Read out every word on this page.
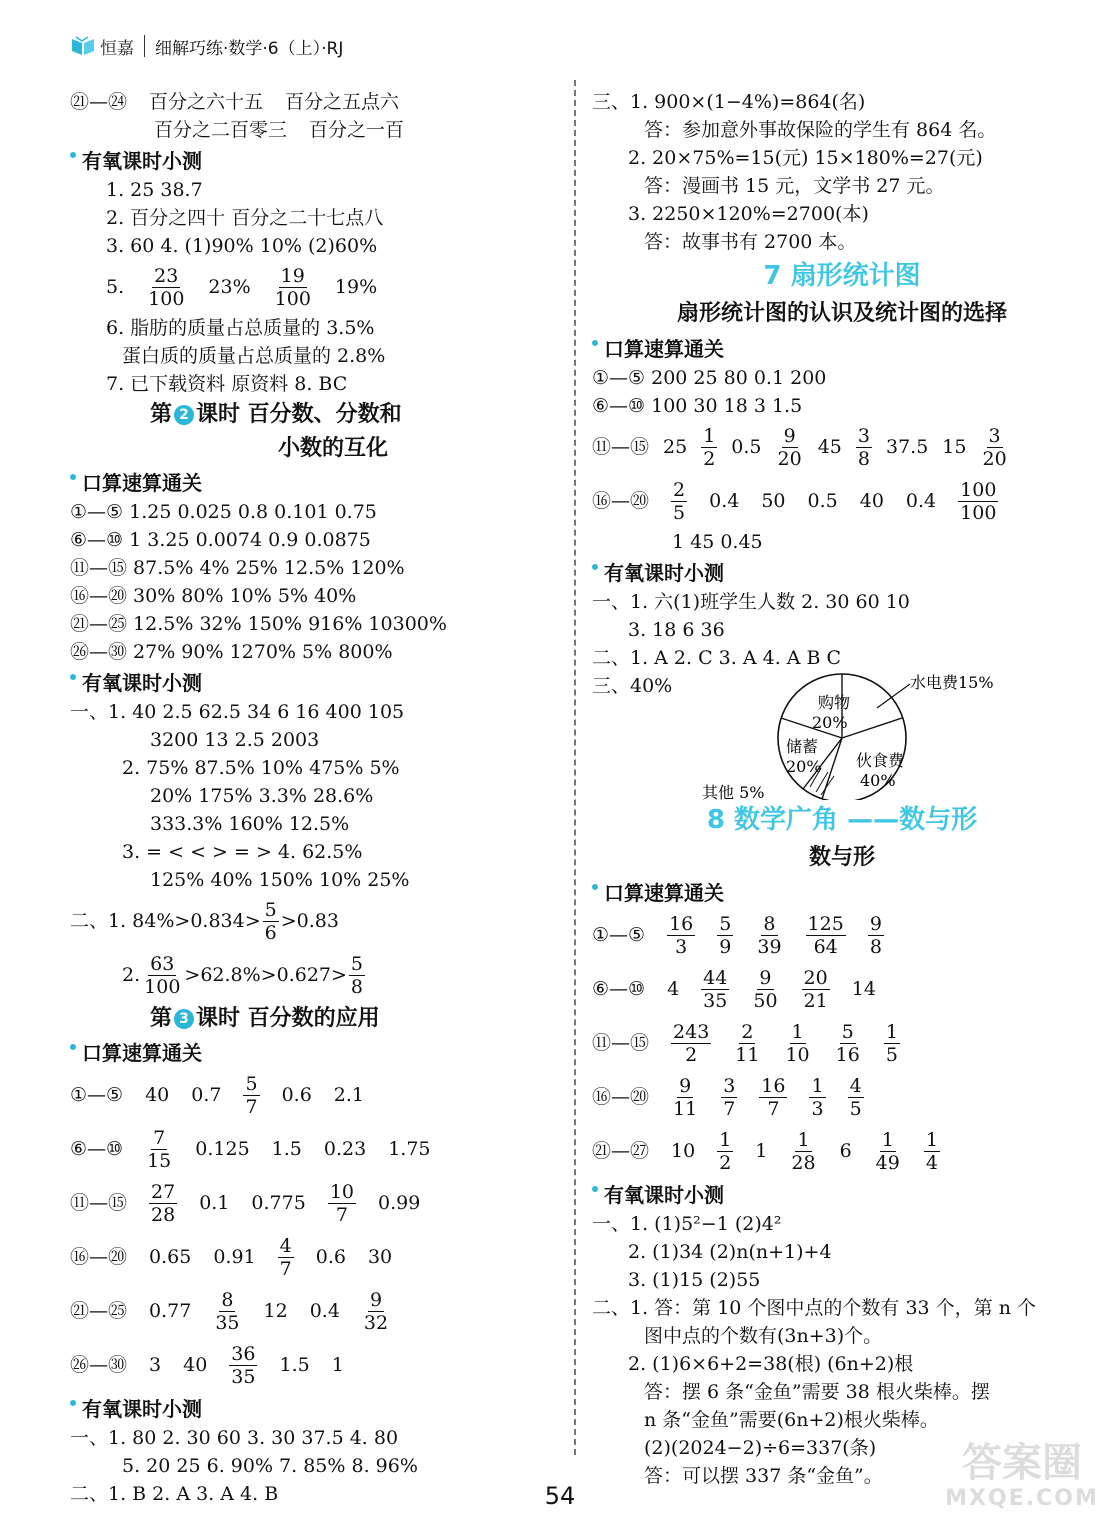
恒嘉 细解巧练·数学·6（上）·RJ
㉑—㉔ 百分之六十五 百分之五点六
百分之二百零三 百分之一百
有氧课时小测
1. 25 38.7
2. 百分之四十 百分之二十七点八
3. 60 4. (1)90% 10% (2)60%
5. $\frac{23}{100} 23\% \frac{19}{100} 19\%$
6. 脂肪的质量占总质量的 3.5%
蛋白质的质量占总质量的 2.8%
7. 已下载资料 原资料 8. BC
第 2 课时 百分数、分数和
小数的互化
口算速算通关
①—⑤ 1.25 0.025 0.8 0.101 0.75
⑥—⑩ 1 3.25 0.0074 0.9 0.0875
⑪—⑮ 87.5% 4% 25% 12.5% 120%
⑯—⑳ 30% 80% 10% 5% 40%
㉑—㉕ 12.5% 32% 150% 916% 10300%
㉖—㉚ 27% 90% 1270% 5% 800%
有氧课时小测
一、1. 40 2.5 62.5 34 6 16 400 105
3200 13 2.5 2003
2. 75% 87.5% 10% 475% 5%
20% 175% 3.3% 28.6%
333.3% 160% 12.5%
3. = < < > = > 4. 62.5%
125% 40% 150% 10% 25%
二、1. $84\%>0.834> \frac{5}{6} >0.83$
2. $\frac{63}{100} >62.8\%>0.627> \frac{5}{8}$
第 3 课时 百分数的应用
口算速算通关
①—⑤ 40 $0.7 \frac{5}{7} 0.6$ 2.1
⑥—⑩ $\frac{7}{15} 0.125$ 1.5 0.23 1.75
⑪—⑮ $\frac{27}{28} 0.1$ $0.775 \frac{10}{7} 0.99$
⑯—⑳ 0.65 $0.91 \frac{4}{7} 0.6$ 30
㉑—㉕ $0.77 \frac{8}{35} 12$ $0.4 \frac{9}{32}$
㉖—㉚ 3 $40 \frac{36}{35} 1.5$ 1
有氧课时小测
一、1. 80 2. 30 60 3. 30 37.5 4. 80
5. 20 25 6. 90% 7. 85% 8. 96%
二、1. B 2. A 3. A 4. B
三、1. 900×(1−4%)=864(名)
答：参加意外事故保险的学生有 864 名。
2. 20×75%=15(元) 15×180%=27(元)
答：漫画书 15 元，文学书 27 元。
3. 2250×120%=2700(本)
答：故事书有 2700 本。
7 扇形统计图
扇形统计图的认识及统计图的选择
口算速算通关
①—⑤ 200 25 80 0.1 200
⑥—⑩ 100 30 18 3 1.5
⑪—⑮ $25 \frac{1}{2} 0.5 \frac{9}{20} 45 \frac{3}{8} 37.5$ $15 \frac{3}{20}$
⑯—⑳ $\frac{2}{5} 0.4$ 50 0.5 40 $0.4 \frac{100}{100}$
1 45 0.45
有氧课时小测
一、1. 六(1)班学生人数 2. 30 60 10
3. 18 6 36
二、1. A 2. C 3. A 4. A B C
三、40%
购物
20%
水电费15%
储蓄
20% 伙食费
40%
其他 5%
8 数学广角 ——数与形
数与形
口算速算通关
①—⑤ $\frac{16}{3} \frac{5}{9} \frac{8}{39} \frac{125}{64} \frac{9}{8}$
⑥—⑩ $4 \frac{44}{35} \frac{9}{50} \frac{20}{21} 14$
⑪—⑮ $\frac{243}{2} \frac{2}{11} \frac{1}{10} \frac{5}{16} \frac{1}{5}$
⑯—⑳ $\frac{9}{11} \frac{3}{7} \frac{16}{7} \frac{1}{3} \frac{4}{5}$
㉑—㉗ $10 \frac{1}{2} 1 \frac{1}{28} 6 \frac{1}{49} \frac{1}{4}$
有氧课时小测
一、1. (1)5²−1 (2)4²
2. (1)34 (2)n(n+1)+4
3. (1)15 (2)55
二、1. 答：第 10 个图中点的个数有 33 个，第 n 个
图中点的个数有(3n+3)个。
2. (1)6×6+2=38(根) (6n+2)根
答：摆 6 条“金鱼”需要 38 根火柴棒。摆
n 条“金鱼”需要(6n+2)根火柴棒。
(2)(2024−2)÷6=337(条)
答：可以摆 337 条“金鱼”。
54
答案圈
MXQE.COM
